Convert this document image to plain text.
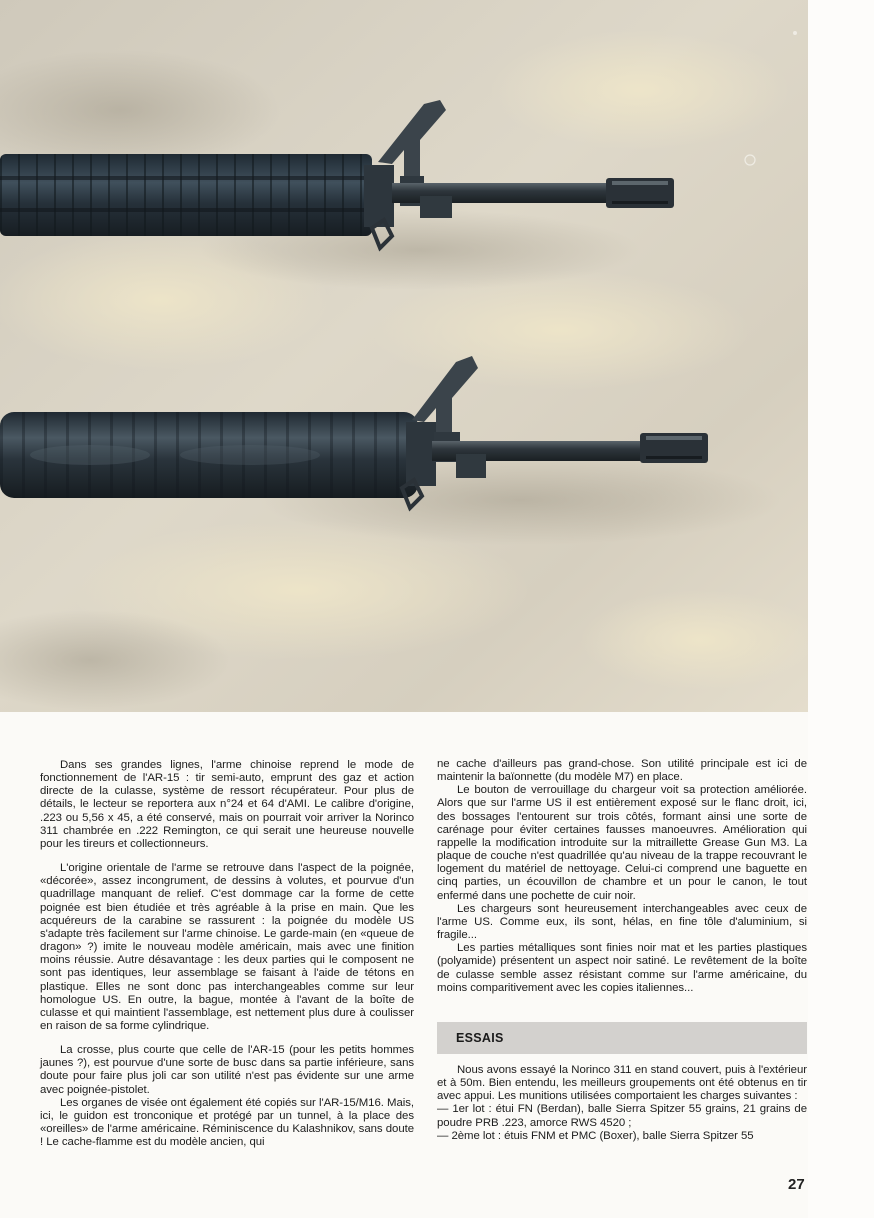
Dans ses grandes lignes, l'arme chinoise reprend le mode de fonctionnement de l'AR-15 : tir semi-auto, emprunt des gaz et action directe de la culasse, système de ressort récupérateur. Pour plus de détails, le lecteur se reportera aux n°24 et 64 d'AMI. Le calibre d'origine, .223 ou 5,56 x 45, a été conservé, mais on pourrait voir arriver la Norinco 311 chambrée en .222 Remington, ce qui serait une heureuse nouvelle pour les tireurs et collectionneurs.

L'origine orientale de l'arme se retrouve dans l'aspect de la poignée, «décorée», assez incongrument, de dessins à volutes, et pourvue d'un quadrillage manquant de relief. C'est dommage car la forme de cette poignée est bien étudiée et très agréable à la prise en main. Que les acquéreurs de la carabine se rassurent : la poignée du modèle US s'adapte très facilement sur l'arme chinoise. Le garde-main (en «queue de dragon» ?) imite le nouveau modèle américain, mais avec une finition moins réussie. Autre désavantage : les deux parties qui le composent ne sont pas identiques, leur assemblage se faisant à l'aide de tétons en plastique. Elles ne sont donc pas interchangeables comme sur leur homologue US. En outre, la bague, montée à l'avant de la boîte de culasse et qui maintient l'assemblage, est nettement plus dure à coulisser en raison de sa forme cylindrique.

La crosse, plus courte que celle de l'AR-15 (pour les petits hommes jaunes ?), est pourvue d'une sorte de busc dans sa partie inférieure, sans doute pour faire plus joli car son utilité n'est pas évidente sur une arme avec poignée-pistolet.

Les organes de visée ont également été copiés sur l'AR-15/M16. Mais, ici, le guidon est tronconique et protégé par un tunnel, à la place des «oreilles» de l'arme américaine. Réminiscence du Kalashnikov, sans doute ! Le cache-flamme est du modèle ancien, qui

ne cache d'ailleurs pas grand-chose. Son utilité principale est ici de maintenir la baïonnette (du modèle M7) en place.

Le bouton de verrouillage du chargeur voit sa protection améliorée. Alors que sur l'arme US il est entièrement exposé sur le flanc droit, ici, des bossages l'entourent sur trois côtés, formant ainsi une sorte de carénage pour éviter certaines fausses manoeuvres. Amélioration qui rappelle la modification introduite sur la mitraillette Grease Gun M3. La plaque de couche n'est quadrillée qu'au niveau de la trappe recouvrant le logement du matériel de nettoyage. Celui-ci comprend une baguette en cinq parties, un écouvillon de chambre et un pour le canon, le tout enfermé dans une pochette de cuir noir.

Les chargeurs sont heureusement interchangeables avec ceux de l'arme US. Comme eux, ils sont, hélas, en fine tôle d'aluminium, si fragile...

Les parties métalliques sont finies noir mat et les parties plastiques (polyamide) présentent un aspect noir satiné. Le revêtement de la boîte de culasse semble assez résistant comme sur l'arme américaine, du moins comparitivement avec les copies italiennes...

ESSAIS

Nous avons essayé la Norinco 311 en stand couvert, puis à l'extérieur et à 50m. Bien entendu, les meilleurs groupements ont été obtenus en tir avec appui. Les munitions utilisées comportaient les charges suivantes :

— 1er lot : étui FN (Berdan), balle Sierra Spitzer 55 grains, 21 grains de poudre PRB .223, amorce RWS 4520 ;

— 2ème lot : étuis FNM et PMC (Boxer), balle Sierra Spitzer 55

27
